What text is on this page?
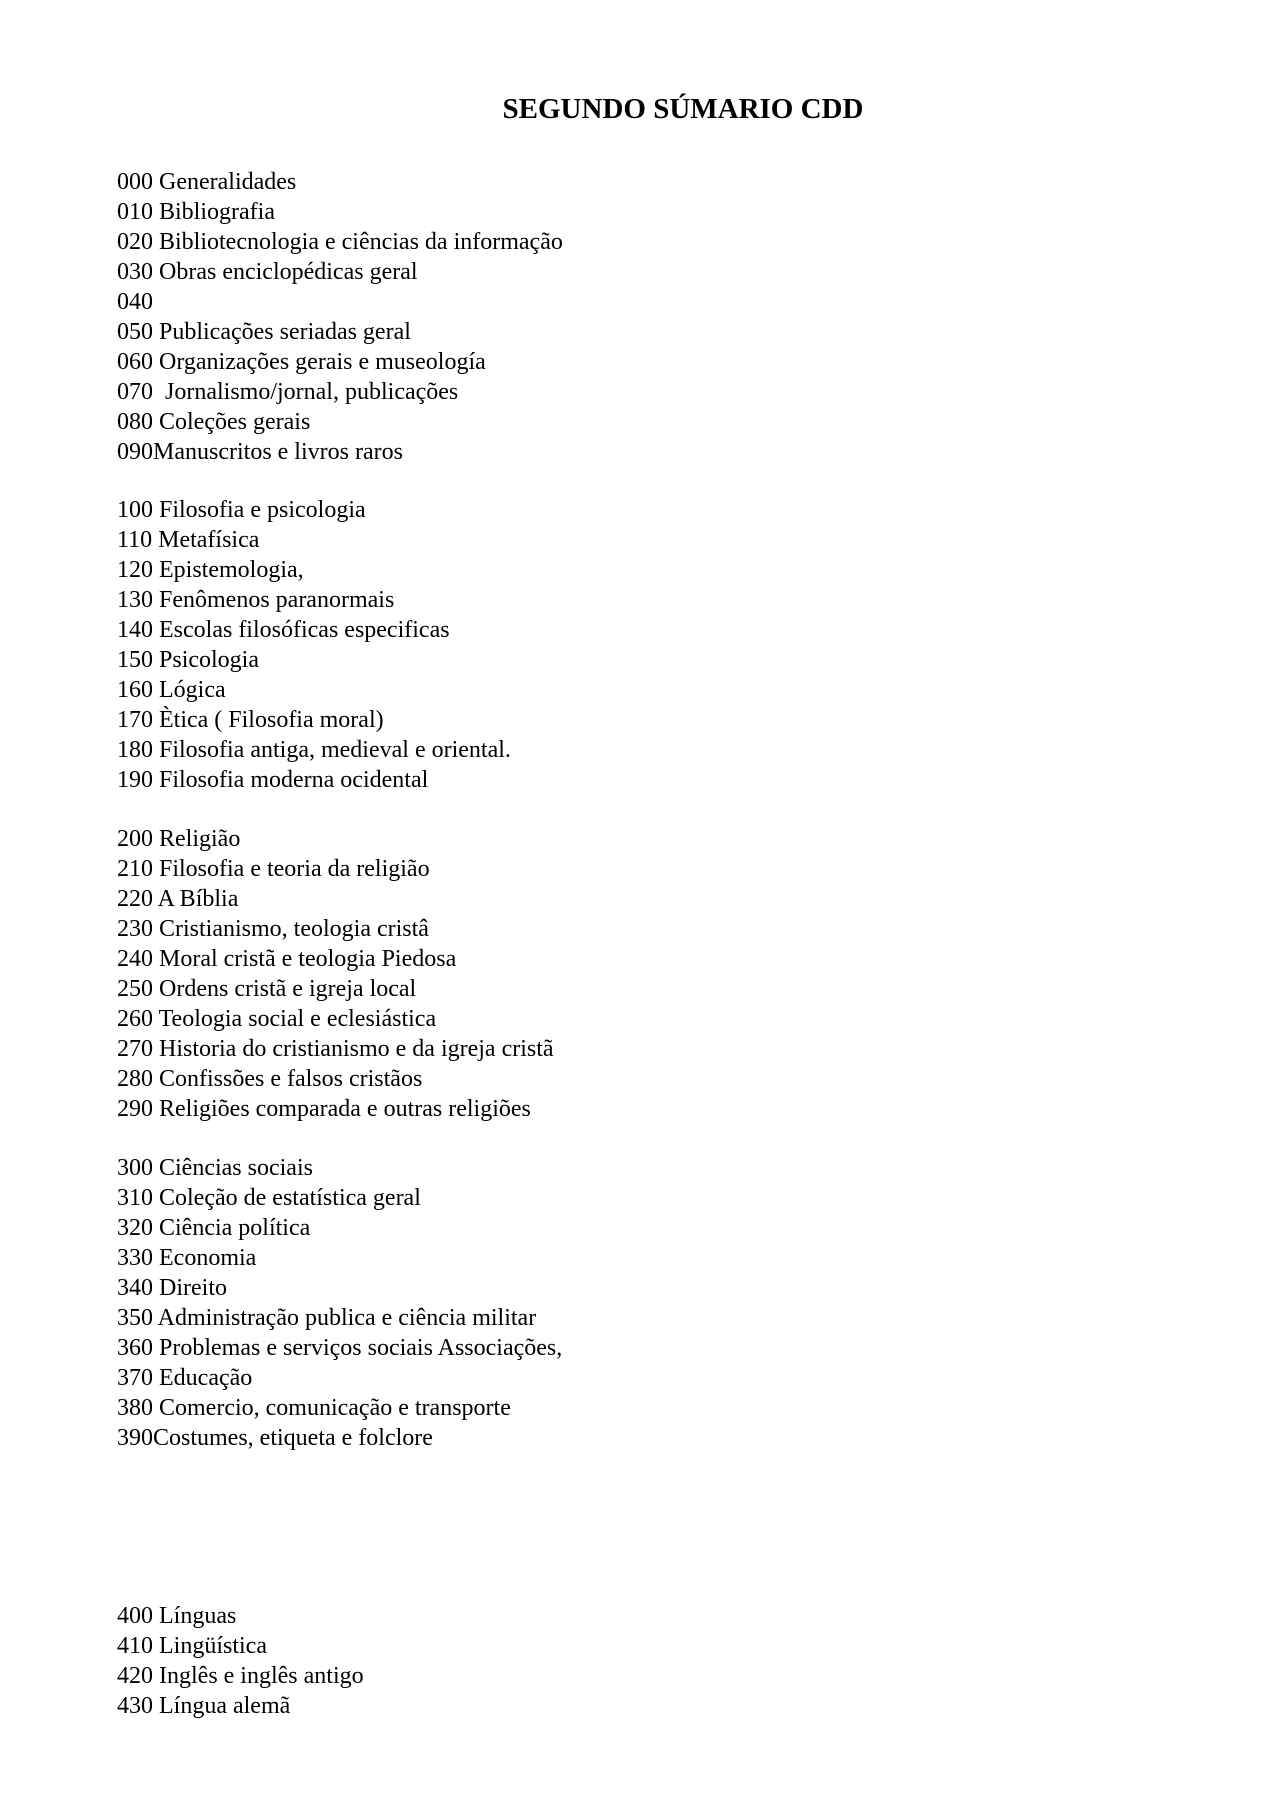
SEGUNDO SÚMARIO CDD
000 Generalidades
010 Bibliografia
020 Bibliotecnologia e ciências da informação
030 Obras enciclopédicas geral
040
050 Publicações seriadas geral
060 Organizações gerais e museología
070  Jornalismo/jornal, publicações
080 Coleções gerais
090Manuscritos e livros raros
100 Filosofia e psicologia
110 Metafísica
120 Epistemologia,
130 Fenômenos paranormais
140 Escolas filosóficas especificas
150 Psicologia
160 Lógica
170 Ètica ( Filosofia moral)
180 Filosofia antiga, medieval e oriental.
190 Filosofia moderna ocidental
200 Religião
210 Filosofia e teoria da religião
220 A Bíblia
230 Cristianismo, teologia cristâ
240 Moral cristã e teologia Piedosa
250 Ordens cristã e igreja local
260 Teologia social e eclesiástica
270 Historia do cristianismo e da igreja cristã
280 Confissões e falsos cristãos
290 Religiões comparada e outras religiões
300 Ciências sociais
310 Coleção de estatística geral
320 Ciência política
330 Economia
340 Direito
350 Administração publica e ciência militar
360 Problemas e serviços sociais Associações,
370 Educação
380 Comercio, comunicação e transporte
390Costumes, etiqueta e folclore
400 Línguas
410 Lingüística
420 Inglês e inglês antigo
430 Língua alemã
